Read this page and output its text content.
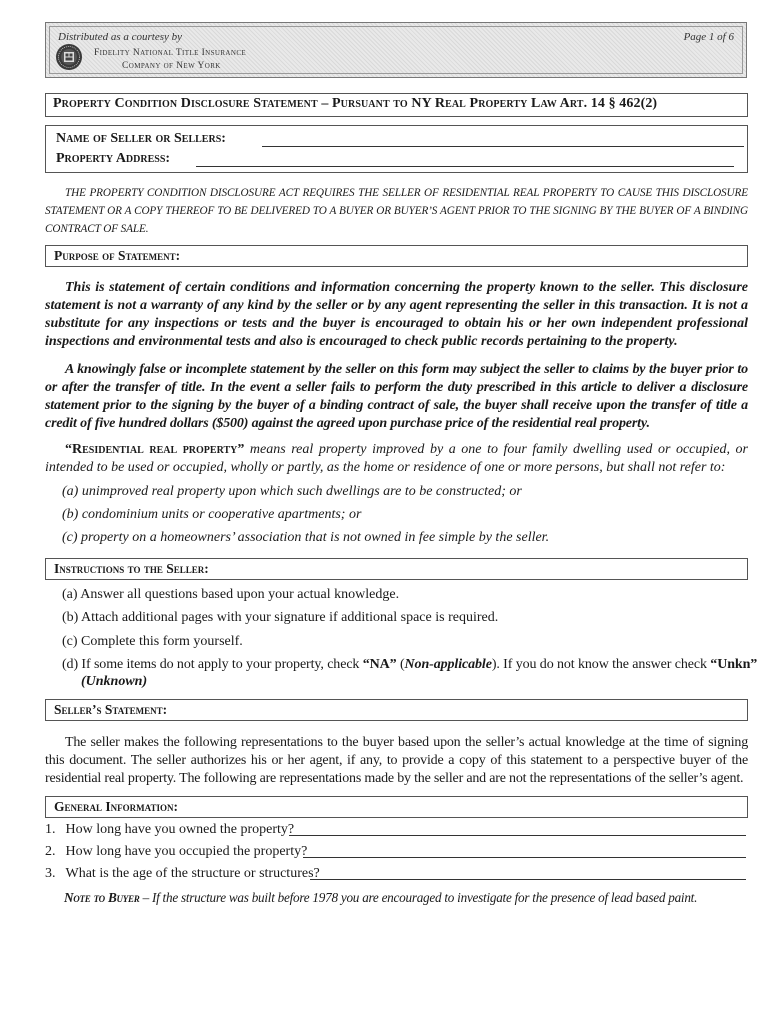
Distributed as a courtesy by	Page 1 of 6
Fidelity National Title Insurance
Company of New York
Property Condition Disclosure Statement – Pursuant to NY Real Property Law Art. 14 § 462(2)
Name of Seller or Sellers:
Property Address:
THE PROPERTY CONDITION DISCLOSURE ACT REQUIRES THE SELLER OF RESIDENTIAL REAL PROPERTY TO CAUSE THIS DISCLOSURE STATEMENT OR A COPY THEREOF TO BE DELIVERED TO A BUYER OR BUYER’S AGENT PRIOR TO THE SIGNING BY THE BUYER OF A BINDING CONTRACT OF SALE.
Purpose of Statement:
This is statement of certain conditions and information concerning the property known to the seller. This disclosure statement is not a warranty of any kind by the seller or by any agent representing the seller in this transaction. It is not a substitute for any inspections or tests and the buyer is encouraged to obtain his or her own independent professional inspections and environmental tests and also is encouraged to check public records pertaining to the property.
A knowingly false or incomplete statement by the seller on this form may subject the seller to claims by the buyer prior to or after the transfer of title. In the event a seller fails to perform the duty prescribed in this article to deliver a disclosure statement prior to the signing by the buyer of a binding contract of sale, the buyer shall receive upon the transfer of title a credit of five hundred dollars ($500) against the agreed upon purchase price of the residential real property.
“Residential real property” means real property improved by a one to four family dwelling used or occupied, or intended to be used or occupied, wholly or partly, as the home or residence of one or more persons, but shall not refer to:
(a) unimproved real property upon which such dwellings are to be constructed; or
(b) condominium units or cooperative apartments; or
(c) property on a homeowners’ association that is not owned in fee simple by the seller.
Instructions to the Seller:
(a) Answer all questions based upon your actual knowledge.
(b) Attach additional pages with your signature if additional space is required.
(c) Complete this form yourself.
(d) If some items do not apply to your property, check “NA” (Non-applicable). If you do not know the answer check “Unkn”
(Unknown)
Seller’s Statement:
The seller makes the following representations to the buyer based upon the seller’s actual knowledge at the time of signing this document. The seller authorizes his or her agent, if any, to provide a copy of this statement to a perspective buyer of the residential real property. The following are representations made by the seller and are not the representations of the seller’s agent.
General Information:
1. How long have you owned the property?
2. How long have you occupied the property?
3. What is the age of the structure or structures?
Note to Buyer – If the structure was built before 1978 you are encouraged to investigate for the presence of lead based paint.
